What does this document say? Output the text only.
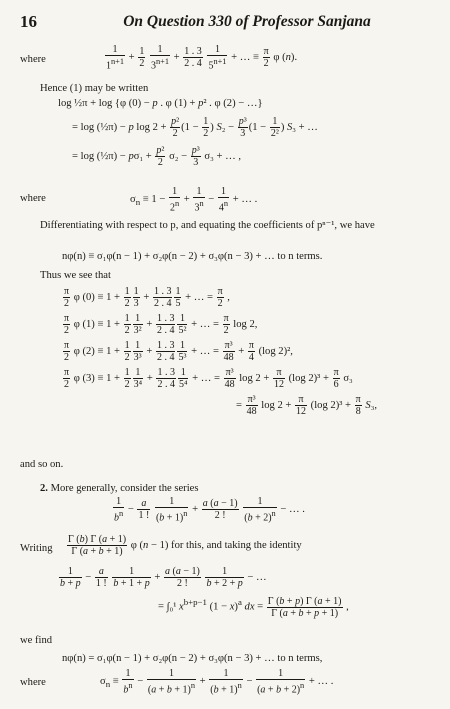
16	On Question 330 of Professor Sanjana
where	$\frac{1}{1^{n+1}} + \frac{1}{2}$
$\frac{1}{3^{n+1}} + \frac{1 . 3}{2 . 4}$
$\frac{1}{5^{n+1}}$ + … ≡ $\frac{\pi}{2}$ φ (n).
Hence (1) may be written
log ½π + log {φ (0) − p . φ (1) + p² . φ (2) − …}
= log (½π) − p $\log 2 + \frac{\text{p²}}{2} (1 - \frac{1}{2}$ ) $S_2 - \frac{\text{p³}}{3} (1 - \frac{1}{\text{2²}}$ ) S₃ + …
= log (½π) − $p\sigma_1 + \frac{\text{p²}}{2} \sigma_2 - \frac{\text{p³}}{3} \sigma_3$ + … ,
where	$\sigma_n \equiv 1 - \frac{1}{2^n} + \frac{1}{3^n} - \frac{1}{4^n}$ + … .
Differentiating with respect to p, and equating the coefficients of pⁿ⁻¹, we have
nφ(n) ≡ σ₁φ(n − 1) + σ₂φ(n − 2) + σ₃φ(n − 3) + … to n terms.
Thus we see that
$\frac{\pi}{2}$ φ $(0) \equiv 1 + \frac{1}{2} \frac{1}{3} + \frac{1 . 3}{2 . 4} \frac{1}{5}$ + … = $\frac{\pi}{2}$ ,
$\frac{\pi}{2}$ φ $(1) \equiv 1 + \frac{1}{2} \frac{1}{\text{3²}} + \frac{1 . 3}{2 . 4} \frac{1}{\text{5²}}$ + … = $\frac{\pi}{2}$ log 2,
$\frac{\pi}{2}$ φ $(2) \equiv 1 + \frac{1}{2} \frac{1}{\text{3³}} + \frac{1 . 3}{2 . 4} \frac{1}{\text{5³}}$ + … = $\frac{\text{π³}}{48} + \frac{\pi}{4} (\log$ 2)²,
$\frac{\pi}{2}$ φ $(3) \equiv 1 + \frac{1}{2} \frac{1}{\text{3⁴}} + \frac{1 . 3}{2 . 4} \frac{1}{\text{5⁴}}$ + … = $\frac{\text{π³}}{48}$ $\log 2 + \frac{\pi}{12} (\log$ $2)^3 + \frac{\pi}{6} \sigma_3$
= $\frac{\text{π³}}{48}$ $\log 2 + \frac{\pi}{12} (\log$ $2)^3 + \frac{\pi}{8} S_3$,
and so on.
2. More generally, consider the series
$\frac{1}{b^n} - \frac{a}{1 !}$
$\frac{1}{(b + 1)^n} + \frac{a (a - 1)}{2 !}$
$\frac{1}{(b + 2)^n}$ − … .
Writing $\frac{\Gamma (b) \Gamma (a + 1)}{\Gamma (a + b + 1)}$ φ (n − 1) for this, and taking the identity
$\frac{1}{b + p} - \frac{a}{1 !}$
$\frac{1}{b + 1 + p} + \frac{a (a - 1)}{2 !}$
$\frac{1}{b + 2 + p}$ − …
= ∫₀¹ $x^{b+p-1}$ $(1 - x)^a$ dx = $\frac{\Gamma (b + p) \Gamma (a + 1)}{\Gamma (a + b + p + 1)}$ ,
we find
nφ(n) = σ₁φ(n − 1) + σ₂φ(n − 2) + σ₃φ(n − 3) + … to n terms,
where	$\sigma_n \equiv \frac{1}{b^n} - \frac{1}{(a + b + 1)^n} + \frac{1}{(b + 1)^n} - \frac{1}{(a + b + 2)^n}$ + … .
